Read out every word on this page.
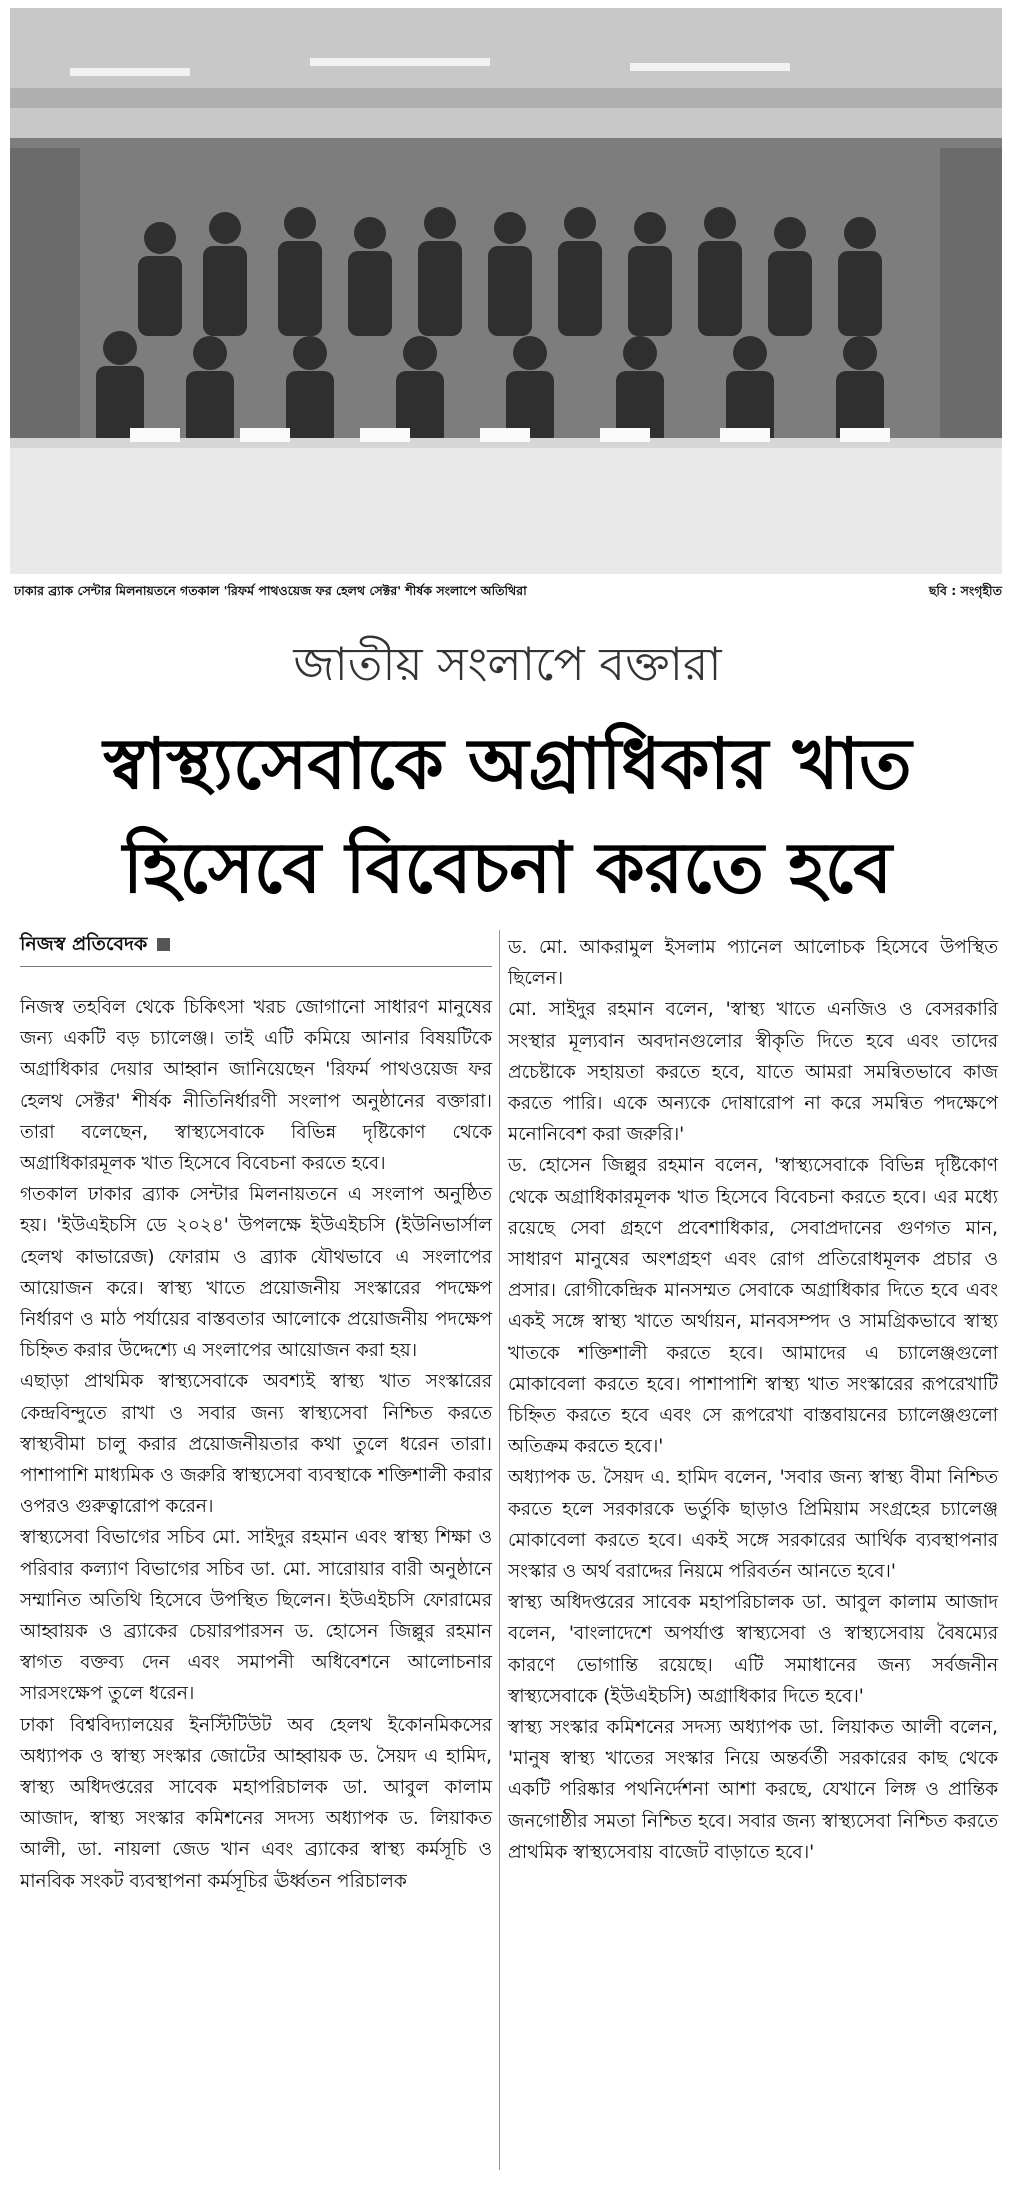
ঢাকার ব্র্যাক সেন্টার মিলনায়তনে গতকাল 'রিফর্ম পাথওয়েজ ফর হেলথ সেক্টর' শীর্ষক সংলাপে অতিথিরা	ছবি : সংগৃহীত
জাতীয় সংলাপে বক্তারা
স্বাস্থ্যসেবাকে অগ্রাধিকার খাত হিসেবে বিবেচনা করতে হবে
নিজস্ব প্রতিবেদক

নিজস্ব তহবিল থেকে চিকিৎসা খরচ জোগানো সাধারণ মানুষের জন্য একটি বড় চ্যালেঞ্জ। তাই এটি কমিয়ে আনার বিষয়টিকে অগ্রাধিকার দেয়ার আহ্বান জানিয়েছেন 'রিফর্ম পাথওয়েজ ফর হেলথ সেক্টর' শীর্ষক নীতিনির্ধারণী সংলাপ অনুষ্ঠানের বক্তারা। তারা বলেছেন, স্বাস্থ্যসেবাকে বিভিন্ন দৃষ্টিকোণ থেকে অগ্রাধিকারমূলক খাত হিসেবে বিবেচনা করতে হবে।

গতকাল ঢাকার ব্র্যাক সেন্টার মিলনায়তনে এ সংলাপ অনুষ্ঠিত হয়। 'ইউএইচসি ডে ২০২৪' উপলক্ষে ইউএইচসি (ইউনিভার্সাল হেলথ কাভারেজ) ফোরাম ও ব্র্যাক যৌথভাবে এ সংলাপের আয়োজন করে। স্বাস্থ্য খাতে প্রয়োজনীয় সংস্কারের পদক্ষেপ নির্ধারণ ও মাঠ পর্যায়ের বাস্তবতার আলোকে প্রয়োজনীয় পদক্ষেপ চিহ্নিত করার উদ্দেশ্যে এ সংলাপের আয়োজন করা হয়।

এছাড়া প্রাথমিক স্বাস্থ্যসেবাকে অবশ্যই স্বাস্থ্য খাত সংস্কারের কেন্দ্রবিন্দুতে রাখা ও সবার জন্য স্বাস্থ্যসেবা নিশ্চিত করতে স্বাস্থ্যবীমা চালু করার প্রয়োজনীয়তার কথা তুলে ধরেন তারা। পাশাপাশি মাধ্যমিক ও জরুরি স্বাস্থ্যসেবা ব্যবস্থাকে শক্তিশালী করার ওপরও গুরুত্বারোপ করেন।

স্বাস্থ্যসেবা বিভাগের সচিব মো. সাইদুর রহমান এবং স্বাস্থ্য শিক্ষা ও পরিবার কল্যাণ বিভাগের সচিব ডা. মো. সারোয়ার বারী অনুষ্ঠানে সম্মানিত অতিথি হিসেবে উপস্থিত ছিলেন। ইউএইচসি ফোরামের আহ্বায়ক ও ব্র্যাকের চেয়ারপারসন ড. হোসেন জিল্লুর রহমান স্বাগত বক্তব্য দেন এবং সমাপনী অধিবেশনে আলোচনার সারসংক্ষেপ তুলে ধরেন।

ঢাকা বিশ্ববিদ্যালয়ের ইনস্টিটিউট অব হেলথ ইকোনমিকসের অধ্যাপক ও স্বাস্থ্য সংস্কার জোটের আহ্বায়ক ড. সৈয়দ এ হামিদ, স্বাস্থ্য অধিদপ্তরের সাবেক মহাপরিচালক ডা. আবুল কালাম আজাদ, স্বাস্থ্য সংস্কার কমিশনের সদস্য অধ্যাপক ড. লিয়াকত আলী, ডা. নায়লা জেড খান এবং ব্র্যাকের স্বাস্থ্য কর্মসূচি ও মানবিক সংকট ব্যবস্থাপনা কর্মসূচির ঊর্ধ্বতন পরিচালক

ড. মো. আকরামুল ইসলাম প্যানেল আলোচক হিসেবে উপস্থিত ছিলেন।

মো. সাইদুর রহমান বলেন, 'স্বাস্থ্য খাতে এনজিও ও বেসরকারি সংস্থার মূল্যবান অবদানগুলোর স্বীকৃতি দিতে হবে এবং তাদের প্রচেষ্টাকে সহায়তা করতে হবে, যাতে আমরা সমন্বিতভাবে কাজ করতে পারি। একে অন্যকে দোষারোপ না করে সমন্বিত পদক্ষেপে মনোনিবেশ করা জরুরি।'

ড. হোসেন জিল্লুর রহমান বলেন, 'স্বাস্থ্যসেবাকে বিভিন্ন দৃষ্টিকোণ থেকে অগ্রাধিকারমূলক খাত হিসেবে বিবেচনা করতে হবে। এর মধ্যে রয়েছে সেবা গ্রহণে প্রবেশাধিকার, সেবাপ্রদানের গুণগত মান, সাধারণ মানুষের অংশগ্রহণ এবং রোগ প্রতিরোধমূলক প্রচার ও প্রসার। রোগীকেন্দ্রিক মানসম্মত সেবাকে অগ্রাধিকার দিতে হবে এবং একই সঙ্গে স্বাস্থ্য খাতে অর্থায়ন, মানবসম্পদ ও সামগ্রিকভাবে স্বাস্থ্য খাতকে শক্তিশালী করতে হবে। আমাদের এ চ্যালেঞ্জগুলো মোকাবেলা করতে হবে। পাশাপাশি স্বাস্থ্য খাত সংস্কারের রূপরেখাটি চিহ্নিত করতে হবে এবং সে রূপরেখা বাস্তবায়নের চ্যালেঞ্জগুলো অতিক্রম করতে হবে।'

অধ্যাপক ড. সৈয়দ এ. হামিদ বলেন, 'সবার জন্য স্বাস্থ্য বীমা নিশ্চিত করতে হলে সরকারকে ভর্তুকি ছাড়াও প্রিমিয়াম সংগ্রহের চ্যালেঞ্জ মোকাবেলা করতে হবে। একই সঙ্গে সরকারের আর্থিক ব্যবস্থাপনার সংস্কার ও অর্থ বরাদ্দের নিয়মে পরিবর্তন আনতে হবে।'

স্বাস্থ্য অধিদপ্তরের সাবেক মহাপরিচালক ডা. আবুল কালাম আজাদ বলেন, 'বাংলাদেশে অপর্যাপ্ত স্বাস্থ্যসেবা ও স্বাস্থ্যসেবায় বৈষম্যের কারণে ভোগান্তি রয়েছে। এটি সমাধানের জন্য সর্বজনীন স্বাস্থ্যসেবাকে (ইউএইচসি) অগ্রাধিকার দিতে হবে।'

স্বাস্থ্য সংস্কার কমিশনের সদস্য অধ্যাপক ডা. লিয়াকত আলী বলেন, 'মানুষ স্বাস্থ্য খাতের সংস্কার নিয়ে অন্তর্বর্তী সরকারের কাছ থেকে একটি পরিষ্কার পথনির্দেশনা আশা করছে, যেখানে লিঙ্গ ও প্রান্তিক জনগোষ্ঠীর সমতা নিশ্চিত হবে। সবার জন্য স্বাস্থ্যসেবা নিশ্চিত করতে প্রাথমিক স্বাস্থ্যসেবায় বাজেট বাড়াতে হবে।'
